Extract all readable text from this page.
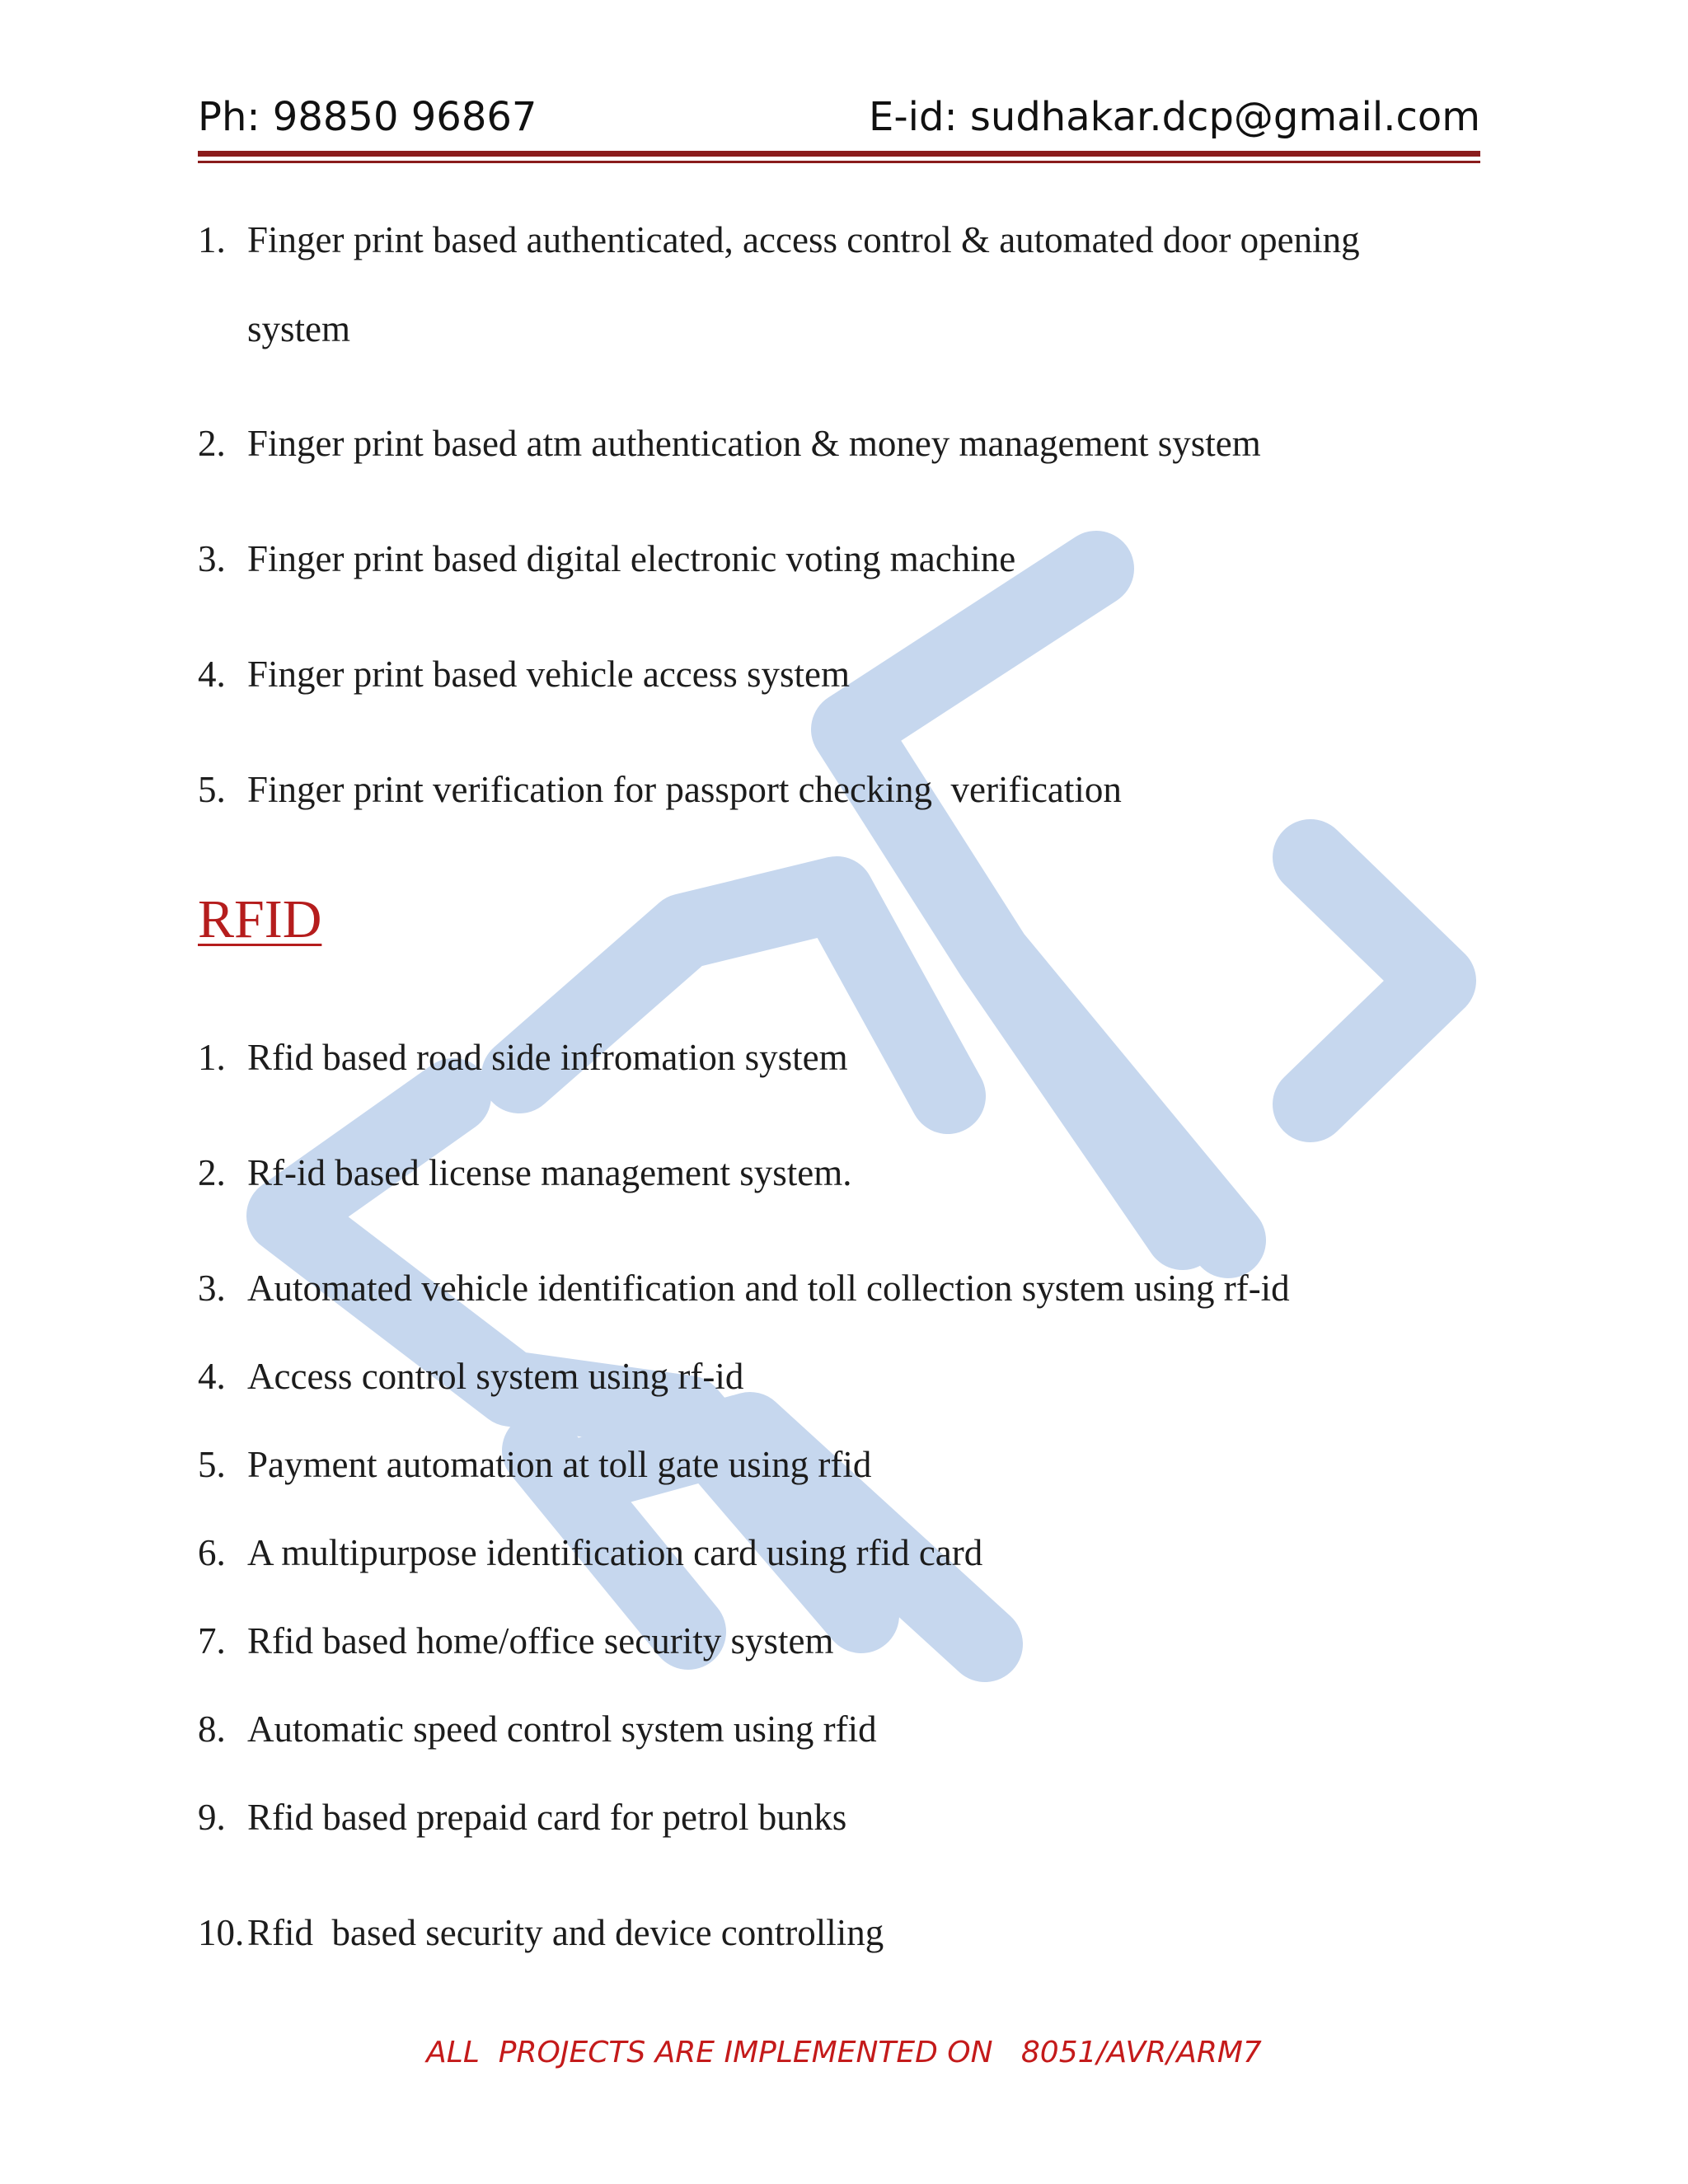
Ph: 98850 96867	E-id: sudhakar.dcp@gmail.com
1. Finger print based authenticated, access control & automated door opening
system
2. Finger print based atm authentication & money management system
3. Finger print based digital electronic voting machine
4. Finger print based vehicle access system
5. Finger print verification for passport checking  verification
RFID
1. Rfid based road side infromation system
2. Rf-id based license management system.
3. Automated vehicle identification and toll collection system using rf-id
4. Access control system using rf-id
5. Payment automation at toll gate using rfid
6. A multipurpose identification card using rfid card
7. Rfid based home/office security system
8. Automatic speed control system using rfid
9. Rfid based prepaid card for petrol bunks
10. Rfid  based security and device controlling
ALL  PROJECTS ARE IMPLEMENTED ON   8051/AVR/ARM7
